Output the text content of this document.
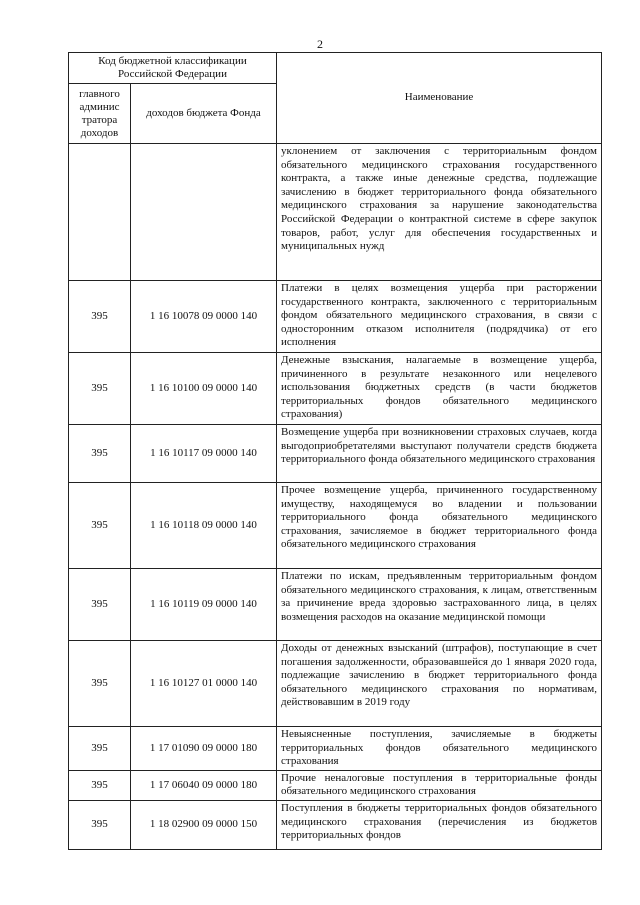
2
Код бюджетной классификации Российской Федерации		Наименование
главного админис тратора доходов	доходов бюджета Фонда	
		уклонением от заключения с территориальным фондом обязательного медицинского страхования государственного контракта, а также иные денежные средства, подлежащие зачислению в бюджет территориального фонда обязательного медицинского страхования за нарушение законодательства Российской Федерации о контрактной системе в сфере закупок товаров, работ, услуг для обеспечения государственных и муниципальных нужд
395	1 16 10078 09 0000 140	Платежи в целях возмещения ущерба при расторжении государственного контракта, заключенного с территориальным фондом обязательного медицинского страхования, в связи с односторонним отказом исполнителя (подрядчика) от его исполнения
395	1 16 10100 09 0000 140	Денежные взыскания, налагаемые в возмещение ущерба, причиненного в результате незаконного или нецелевого использования бюджетных средств (в части бюджетов территориальных фондов обязательного медицинского страхования)
395	1 16 10117 09 0000 140	Возмещение ущерба при возникновении страховых случаев, когда выгодоприобретателями выступают получатели средств бюджета территориального фонда обязательного медицинского страхования
395	1 16 10118 09 0000 140	Прочее возмещение ущерба, причиненного государственному имуществу, находящемуся во владении и пользовании территориального фонда обязательного медицинского страхования, зачисляемое в бюджет территориального фонда обязательного медицинского страхования
395	1 16 10119 09 0000 140	Платежи по искам, предъявленным территориальным фондом обязательного медицинского страхования, к лицам, ответственным за причинение вреда здоровью застрахованного лица, в целях возмещения расходов на оказание медицинской помощи
395	1 16 10127 01 0000 140	Доходы от денежных взысканий (штрафов), поступающие в счет погашения задолженности, образовавшейся до 1 января 2020 года, подлежащие зачислению в бюджет территориального фонда обязательного медицинского страхования по нормативам, действовавшим в 2019 году
395	1 17 01090 09 0000 180	Невыясненные поступления, зачисляемые в бюджеты территориальных фондов обязательного медицинского страхования
395	1 17 06040 09 0000 180	Прочие неналоговые поступления в территориальные фонды обязательного медицинского страхования
395	1 18 02900 09 0000 150	Поступления в бюджеты территориальных фондов обязательного медицинского страхования (перечисления из бюджетов территориальных фондов
